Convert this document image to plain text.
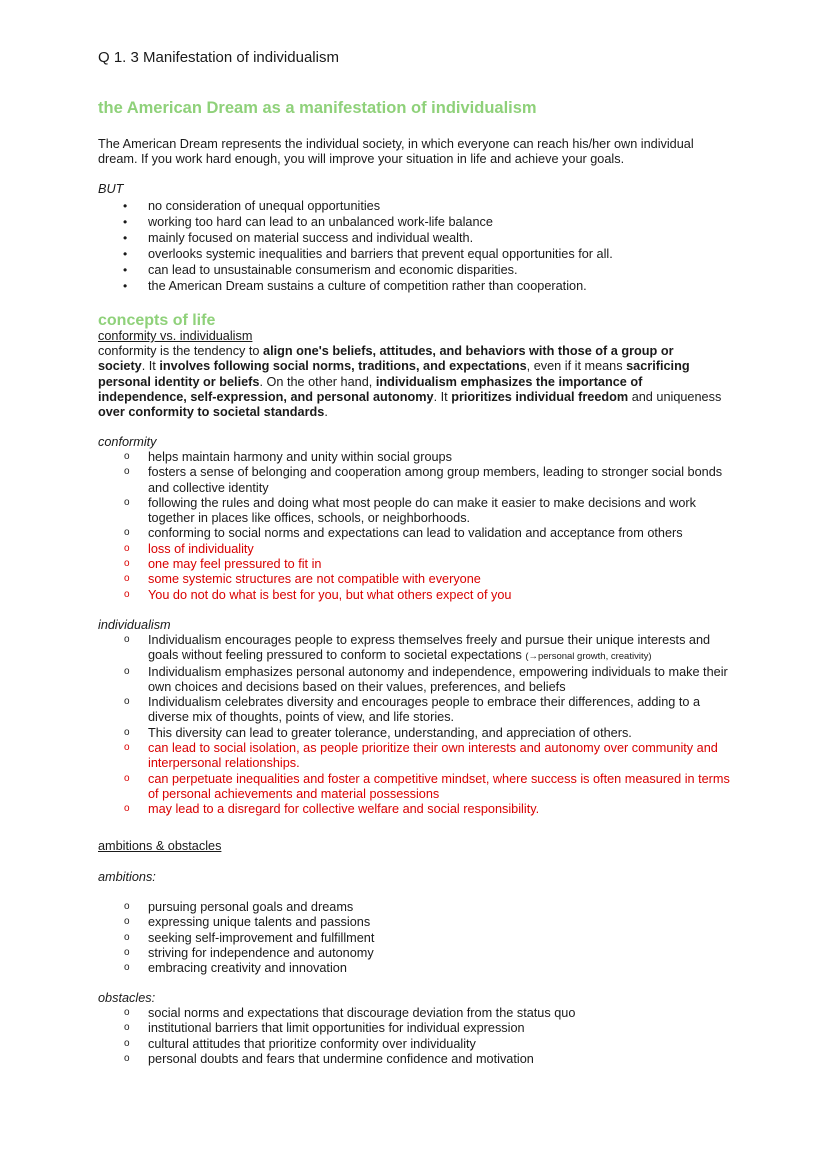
Q 1. 3 Manifestation of individualism
the American Dream as a manifestation of individualism
The American Dream represents the individual society, in which everyone can reach his/her own individual dream. If you work hard enough, you will improve your situation in life and achieve your goals.
BUT
• no consideration of unequal opportunities
• working too hard can lead to an unbalanced work-life balance
• mainly focused on material success and individual wealth.
• overlooks systemic inequalities and barriers that prevent equal opportunities for all.
• can lead to unsustainable consumerism and economic disparities.
• the American Dream sustains a culture of competition rather than cooperation.
concepts of life
conformity vs. individualism
conformity is the tendency to align one's beliefs, attitudes, and behaviors with those of a group or society. It involves following social norms, traditions, and expectations, even if it means sacrificing personal identity or beliefs. On the other hand, individualism emphasizes the importance of independence, self-expression, and personal autonomy. It prioritizes individual freedom and uniqueness over conformity to societal standards.
conformity
o helps maintain harmony and unity within social groups
o fosters a sense of belonging and cooperation among group members, leading to stronger social bonds and collective identity
o following the rules and doing what most people do can make it easier to make decisions and work together in places like offices, schools, or neighborhoods.
o conforming to social norms and expectations can lead to validation and acceptance from others
o loss of individuality
o one may feel pressured to fit in
o some systemic structures are not compatible with everyone
o You do not do what is best for you, but what others expect of you
individualism
o Individualism encourages people to express themselves freely and pursue their unique interests and goals without feeling pressured to conform to societal expectations (→personal growth, creativity)
o Individualism emphasizes personal autonomy and independence, empowering individuals to make their own choices and decisions based on their values, preferences, and beliefs
o Individualism celebrates diversity and encourages people to embrace their differences, adding to a diverse mix of thoughts, points of view, and life stories.
o This diversity can lead to greater tolerance, understanding, and appreciation of others.
o can lead to social isolation, as people prioritize their own interests and autonomy over community and interpersonal relationships.
o can perpetuate inequalities and foster a competitive mindset, where success is often measured in terms of personal achievements and material possessions
o may lead to a disregard for collective welfare and social responsibility.
ambitions & obstacles
ambitions:
o pursuing personal goals and dreams
o expressing unique talents and passions
o seeking self-improvement and fulfillment
o striving for independence and autonomy
o embracing creativity and innovation
obstacles:
o social norms and expectations that discourage deviation from the status quo
o institutional barriers that limit opportunities for individual expression
o cultural attitudes that prioritize conformity over individuality
o personal doubts and fears that undermine confidence and motivation
